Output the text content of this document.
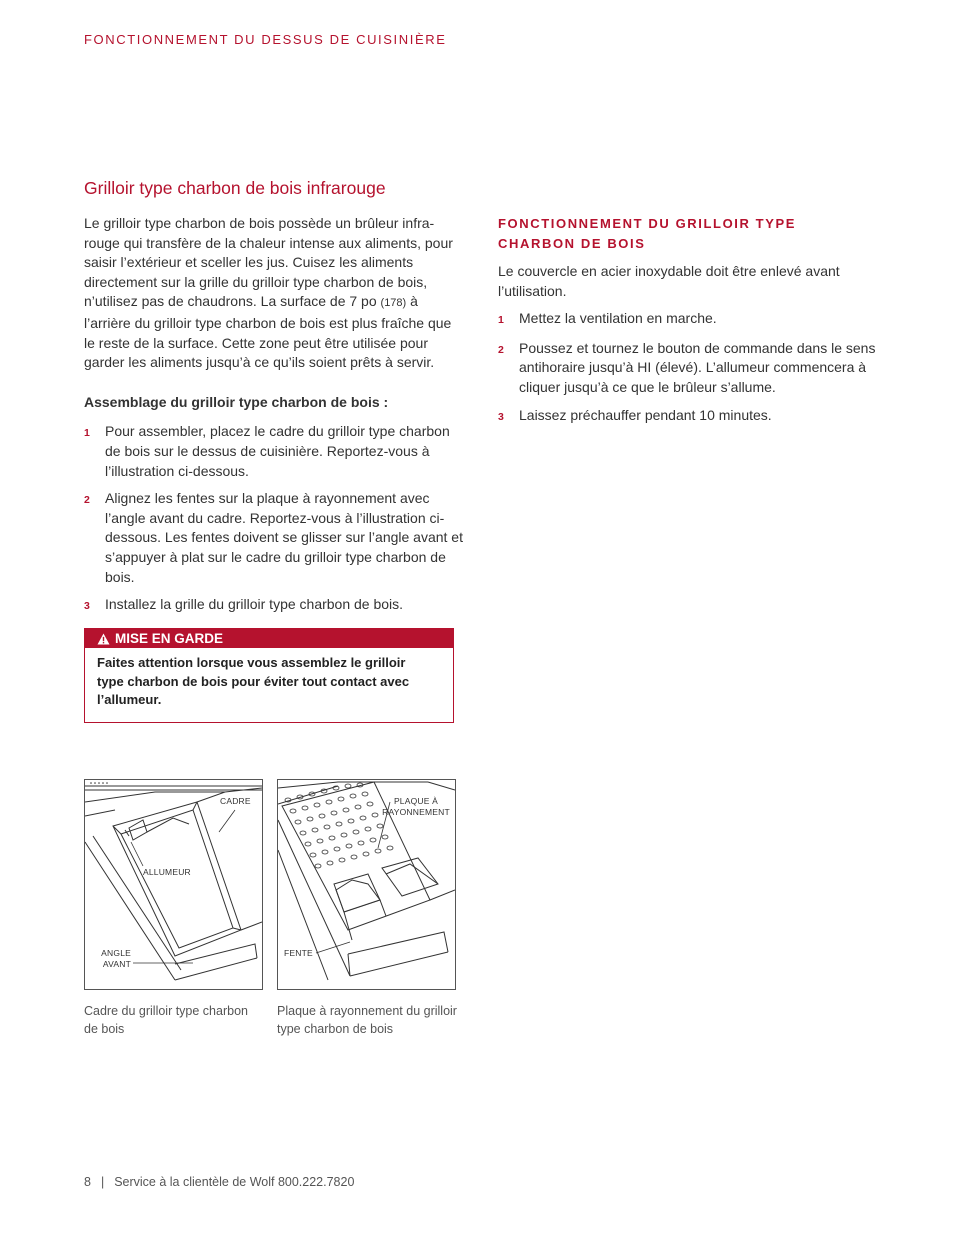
FONCTIONNEMENT DU DESSUS DE CUISINIÈRE
Grilloir type charbon de bois infrarouge

Le grilloir type charbon de bois possède un brûleur infra-rouge qui transfère de la chaleur intense aux aliments, pour saisir l’extérieur et sceller les jus. Cuisez les aliments directement sur la grille du grilloir type charbon de bois, n’utilisez pas de chaudrons. La surface de 7 po (178) à l’arrière du grilloir type charbon de bois est plus fraîche que le reste de la surface. Cette zone peut être utilisée pour garder les aliments jusqu’à ce qu’ils soient prêts à servir.

Assemblage du grilloir type charbon de bois :

1	Pour assembler, placez le cadre du grilloir type charbon de bois sur le dessus de cuisinière. Reportez-vous à l’illustration ci-dessous.
2	Alignez les fentes sur la plaque à rayonnement avec l’angle avant du cadre. Reportez-vous à l’illustration ci-dessous. Les fentes doivent se glisser sur l’angle avant et s’appuyer à plat sur le cadre du grilloir type charbon de bois.
3	Installez la grille du grilloir type charbon de bois.
MISE EN GARDE
Faites attention lorsque vous assemblez le grilloir type charbon de bois pour éviter tout contact avec l’allumeur.
CADRE
ALLUMEUR
ANGLE
AVANT
PLAQUE À
RAYONNEMENT
FENTE
Cadre du grilloir type charbon de bois
Plaque à rayonnement du grilloir type charbon de bois
FONCTIONNEMENT DU GRILLOIR TYPE CHARBON DE BOIS

Le couvercle en acier inoxydable doit être enlevé avant l’utilisation.

1	Mettez la ventilation en marche.
2	Poussez et tournez le bouton de commande dans le sens antihoraire jusqu’à HI (élevé). L’allumeur commencera à cliquer jusqu’à ce que le brûleur s’allume.
3	Laissez préchauffer pendant 10 minutes.
8 | Service à la clientèle de Wolf 800.222.7820
